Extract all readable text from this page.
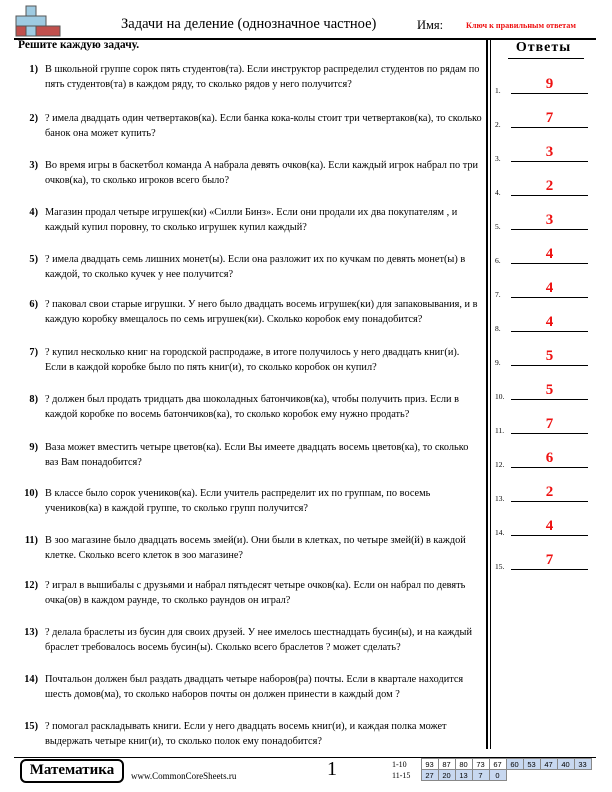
Задачи на деление (однозначное частное)	Имя:	Ключ к правильным ответам
Решите каждую задачу.	Ответы
1.	9
2.	7
3.	3
4.	2
5.	3
6.	4
7.	4
8.	4
9.	5
10.	5
11.	7
12.	6
13.	2
14.	4
15.	7
1) В школьной группе сорок пять студентов(та). Если инструктор распределил студентов по рядам по пять студентов(та) в каждом ряду, то сколько рядов у него получится?
2) ? имела двадцать один четвертаков(ка). Если банка кока-колы стоит три четвертаков(ка), то сколько банок она может купить?
3) Во время игры в баскетбол команда A набрала девять очков(ка). Если каждый игрок набрал по три очков(ка), то сколько игроков всего было?
4) Магазин продал четыре игрушек(ки) «Силли Бинз». Если они продали их два покупателям , и каждый купил поровну, то сколько игрушек купил каждый?
5) ? имела двадцать семь лишних монет(ы). Если она разложит их по кучкам по девять монет(ы) в каждой, то сколько кучек у нее получится?
6) ? паковал свои старые игрушки. У него было двадцать восемь игрушек(ки) для запаковывания, и в каждую коробку вмещалось по семь игрушек(ки). Сколько коробок ему понадобится?
7) ? купил несколько книг на городской распродаже, в итоге получилось у него двадцать книг(и). Если в каждой коробке было по пять книг(и), то сколько коробок он купил?
8) ? должен был продать тридцать два шоколадных батончиков(ка), чтобы получить приз. Если в каждой коробке по восемь батончиков(ка), то сколько коробок ему нужно продать?
9) Ваза может вместить четыре цветов(ка). Если Вы имеете двадцать восемь цветов(ка), то сколько ваз Вам понадобится?
10) В классе было сорок учеников(ка). Если учитель распределит их по группам, по восемь учеников(ка) в каждой группе, то сколько групп получится?
11) В зоо магазине было двадцать восемь змей(и). Они были в клетках, по четыре змей(й) в каждой клетке. Сколько всего клеток в зоо магазине?
12) ? играл в вышибалы с друзьями и набрал пятьдесят четыре очков(ка). Если он набрал по девять очка(ов) в каждом раунде, то сколько раундов он играл?
13) ? делала браслеты из бусин для своих друзей. У нее имелось шестнадцать бусин(ы), и на каждый браслет требовалось восемь бусин(ы). Сколько всего браслетов ? может сделать?
14) Почтальон должен был раздать двадцать четыре наборов(ра) почты. Если в квартале находится шесть домов(ма), то сколько наборов почты он должен принести в каждый дом ?
15) ? помогал раскладывать книги. Если у него двадцать восемь книг(и), и каждая полка может выдержать четыре книг(и), то сколько полок ему понадобится?
Математика	www.CommonCoreSheets.ru	1	1-10	93	87	80	73	67	60	53	47	40	33
11-15	27	20	13	7	0					
